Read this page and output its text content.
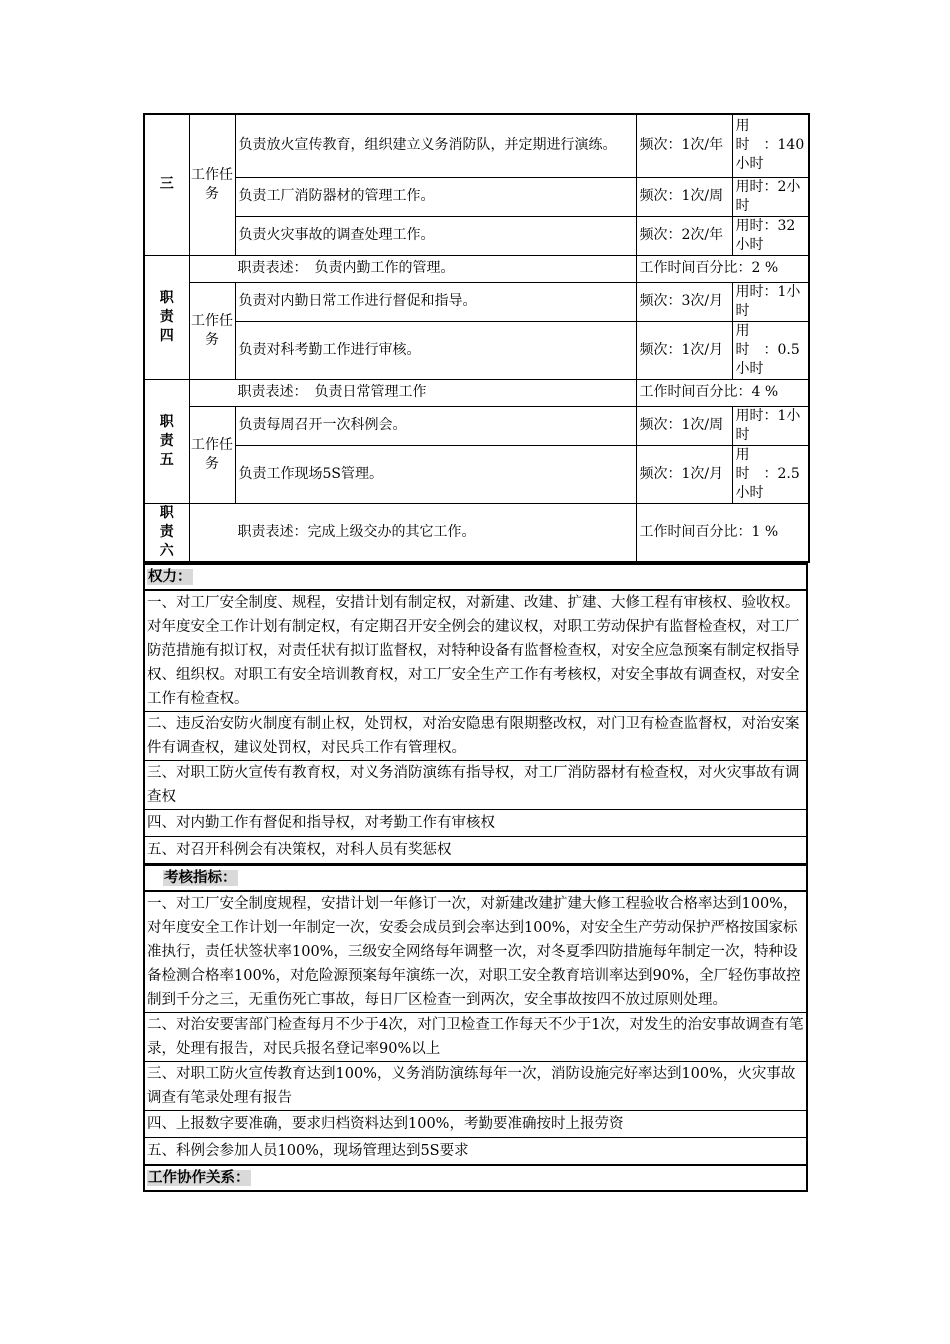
三	工作任务	负责放火宣传教育，组织建立义务消防队，并定期进行演练。	频次：1次/年	用　时　：140小时
		负责工厂消防器材的管理工作。	频次：1次/周	用时：2小时
		负责火灾事故的调查处理工作。	频次：2次/年	用时：32小时
职责四	职责表述：　负责内勤工作的管理。		工作时间百分比：2 %	
	工作任务	负责对内勤日常工作进行督促和指导。	频次：3次/月	用时：1小时
		负责对科考勤工作进行审核。	频次：1次/月	用　时　：0.5小时
职责五	职责表述：　负责日常管理工作		工作时间百分比：4 %	
	工作任务	负责每周召开一次科例会。	频次：1次/周	用时：1小时
		负责工作现场5S管理。	频次：1次/月	用　时　：2.5小时
职责六	职责表述：完成上级交办的其它工作。		工作时间百分比：1 %	
权力：
一、对工厂安全制度、规程，安措计划有制定权，对新建、改建、扩建、大修工程有审核权、验收权。
对年度安全工作计划有制定权，有定期召开安全例会的建议权，对职工劳动保护有监督检查权，对工厂防范措施有拟订权，对责任状有拟订监督权，对特种设备有监督检查权，对安全应急预案有制定权指导权、组织权。对职工有安全培训教育权，对工厂安全生产工作有考核权，对安全事故有调查权，对安全工作有检查权。
二、违反治安防火制度有制止权，处罚权，对治安隐患有限期整改权，对门卫有检查监督权，对治安案件有调查权，建议处罚权，对民兵工作有管理权。
三、对职工防火宣传有教育权，对义务消防演练有指导权，对工厂消防器材有检查权，对火灾事故有调查权
四、对内勤工作有督促和指导权，对考勤工作有审核权
五、对召开科例会有决策权，对科人员有奖惩权
考核指标：
一、对工厂安全制度规程，安措计划一年修订一次，对新建改建扩建大修工程验收合格率达到100%，对年度安全工作计划一年制定一次，安委会成员到会率达到100%，对安全生产劳动保护严格按国家标准执行，责任状签状率100%，三级安全网络每年调整一次，对冬夏季四防措施每年制定一次，特种设备检测合格率100%，对危险源预案每年演练一次，对职工安全教育培训率达到90%，全厂轻伤事故控制到千分之三，无重伤死亡事故，每日厂区检查一到两次，安全事故按四不放过原则处理。
二、对治安要害部门检查每月不少于4次，对门卫检查工作每天不少于1次，对发生的治安事故调查有笔录，处理有报告，对民兵报名登记率90%以上
三、对职工防火宣传教育达到100%，义务消防演练每年一次，消防设施完好率达到100%，火灾事故调查有笔录处理有报告
四、上报数字要准确，要求归档资料达到100%，考勤要准确按时上报劳资
五、科例会参加人员100%，现场管理达到5S要求
工作协作关系：
